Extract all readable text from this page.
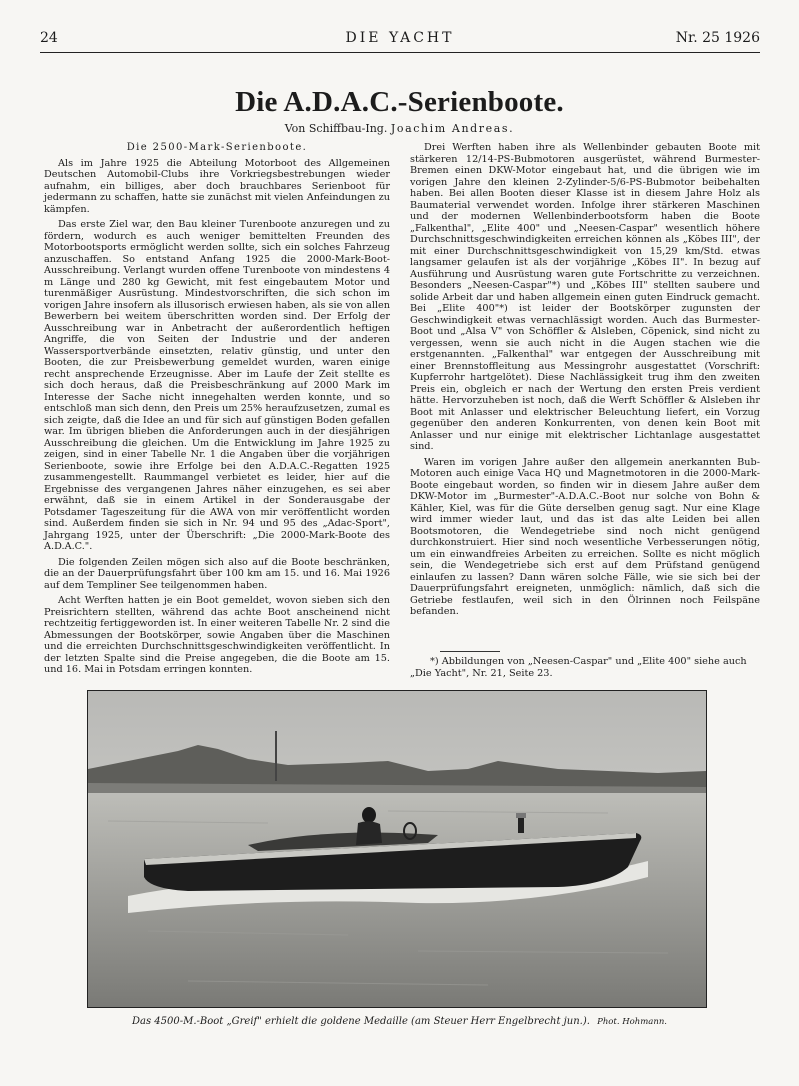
24	DIE YACHT	Nr. 25 1926
Die A.D.A.C.-Serienboote.
Von Schiffbau-Ing. Joachim Andreas.
Die 2500-Mark-Serienboote.

Als im Jahre 1925 die Abteilung Motorboot des Allgemeinen Deutschen Automobil-Clubs ihre Vorkriegsbestrebungen wieder aufnahm, ein billiges, aber doch brauchbares Serienboot für jedermann zu schaffen, hatte sie zunächst mit vielen Anfeindungen zu kämpfen.

Das erste Ziel war, den Bau kleiner Turenboote anzuregen und zu fördern, wodurch es auch weniger bemittelten Freunden des Motorbootsports ermöglicht werden sollte, sich ein solches Fahrzeug anzuschaffen. So entstand Anfang 1925 die 2000-Mark-Boot-Ausschreibung. Verlangt wurden offene Turenboote von mindestens 4 m Länge und 280 kg Gewicht, mit fest eingebautem Motor und turenmäßiger Ausrüstung. Mindestvorschriften, die sich schon im vorigen Jahre insofern als illusorisch erwiesen haben, als sie von allen Bewerbern bei weitem überschritten worden sind. Der Erfolg der Ausschreibung war in Anbetracht der außerordentlich heftigen Angriffe, die von Seiten der Industrie und der anderen Wassersportverbände einsetzten, relativ günstig, und unter den Booten, die zur Preisbewerbung gemeldet wurden, waren einige recht ansprechende Erzeugnisse. Aber im Laufe der Zeit stellte es sich doch heraus, daß die Preisbeschränkung auf 2000 Mark im Interesse der Sache nicht innegehalten werden konnte, und so entschloß man sich denn, den Preis um 25% heraufzusetzen, zumal es sich zeigte, daß die Idee an und für sich auf günstigen Boden gefallen war. Im übrigen blieben die Anforderungen auch in der diesjährigen Ausschreibung die gleichen. Um die Entwicklung im Jahre 1925 zu zeigen, sind in einer Tabelle Nr. 1 die Angaben über die vorjährigen Serienboote, sowie ihre Erfolge bei den A.D.A.C.-Regatten 1925 zusammengestellt. Raummangel verbietet es leider, hier auf die Ergebnisse des vergangenen Jahres näher einzugehen, es sei aber erwähnt, daß sie in einem Artikel in der Sonderausgabe der Potsdamer Tageszeitung für die AWA von mir veröffentlicht worden sind. Außerdem finden sie sich in Nr. 94 und 95 des „Adac-Sport", Jahrgang 1925, unter der Überschrift: „Die 2000-Mark-Boote des A.D.A.C.".

Die folgenden Zeilen mögen sich also auf die Boote beschränken, die an der Dauerprüfungsfahrt über 100 km am 15. und 16. Mai 1926 auf dem Templiner See teilgenommen haben.

Acht Werften hatten je ein Boot gemeldet, wovon sieben sich den Preisrichtern stellten, während das achte Boot anscheinend nicht rechtzeitig fertiggeworden ist. In einer weiteren Tabelle Nr. 2 sind die Abmessungen der Bootskörper, sowie Angaben über die Maschinen und die erreichten Durchschnittsgeschwindigkeiten veröffentlicht. In der letzten Spalte sind die Preise angegeben, die die Boote am 15. und 16. Mai in Potsdam erringen konnten.

Drei Werften haben ihre als Wellenbinder gebauten Boote mit stärkeren 12/14-PS-Bubmotoren ausgerüstet, während Burmester-Bremen einen DKW-Motor eingebaut hat, und die übrigen wie im vorigen Jahre den kleinen 2-Zylinder-5/6-PS-Bubmotor beibehalten haben. Bei allen Booten dieser Klasse ist in diesem Jahre Holz als Baumaterial verwendet worden. Infolge ihrer stärkeren Maschinen und der modernen Wellenbinderbootsform haben die Boote „Falkenthal", „Elite 400" und „Neesen-Caspar" wesentlich höhere Durchschnittsgeschwindigkeiten erreichen können als „Köbes III", der mit einer Durchschnittsgeschwindigkeit von 15,29 km/Std. etwas langsamer gelaufen ist als der vorjährige „Köbes II". In bezug auf Ausführung und Ausrüstung waren gute Fortschritte zu verzeichnen. Besonders „Neesen-Caspar"*) und „Köbes III" stellten saubere und solide Arbeit dar und haben allgemein einen guten Eindruck gemacht. Bei „Elite 400"*) ist leider der Bootskörper zugunsten der Geschwindigkeit etwas vernachlässigt worden. Auch das Burmester-Boot und „Alsa V" von Schöffler & Alsleben, Cöpenick, sind nicht zu vergessen, wenn sie auch nicht in die Augen stachen wie die erstgenannten. „Falkenthal" war entgegen der Ausschreibung mit einer Brennstoffleitung aus Messingrohr ausgestattet (Vorschrift: Kupferrohr hartgelötet). Diese Nachlässigkeit trug ihm den zweiten Preis ein, obgleich er nach der Wertung den ersten Preis verdient hätte. Hervorzuheben ist noch, daß die Werft Schöffler & Alsleben ihr Boot mit Anlasser und elektrischer Beleuchtung liefert, ein Vorzug gegenüber den anderen Konkurrenten, von denen kein Boot mit Anlasser und nur einige mit elektrischer Lichtanlage ausgestattet sind.

Waren im vorigen Jahre außer den allgemein anerkannten Bub-Motoren auch einige Vaca HQ und Magnetmotoren in die 2000-Mark-Boote eingebaut worden, so finden wir in diesem Jahre außer dem DKW-Motor im „Burmester"-A.D.A.C.-Boot nur solche von Bohn & Kähler, Kiel, was für die Güte derselben genug sagt. Nur eine Klage wird immer wieder laut, und das ist das alte Leiden bei allen Bootsmotoren, die Wendegetriebe sind noch nicht genügend durchkonstruiert. Hier sind noch wesentliche Verbesserungen nötig, um ein einwandfreies Arbeiten zu erreichen. Sollte es nicht möglich sein, die Wendegetriebe sich erst auf dem Prüfstand genügend einlaufen zu lassen? Dann wären solche Fälle, wie sie sich bei der Dauerprüfungsfahrt ereigneten, unmöglich: nämlich, daß sich die Getriebe festlaufen, weil sich in den Ölrinnen noch Feilspäne befanden.

*) Abbildungen von „Neesen-Caspar" und „Elite 400" siehe auch „Die Yacht", Nr. 21, Seite 23.
Das 4500-M.-Boot „Greif" erhielt die goldene Medaille (am Steuer Herr Engelbrecht jun.). Phot. Hohmann.
